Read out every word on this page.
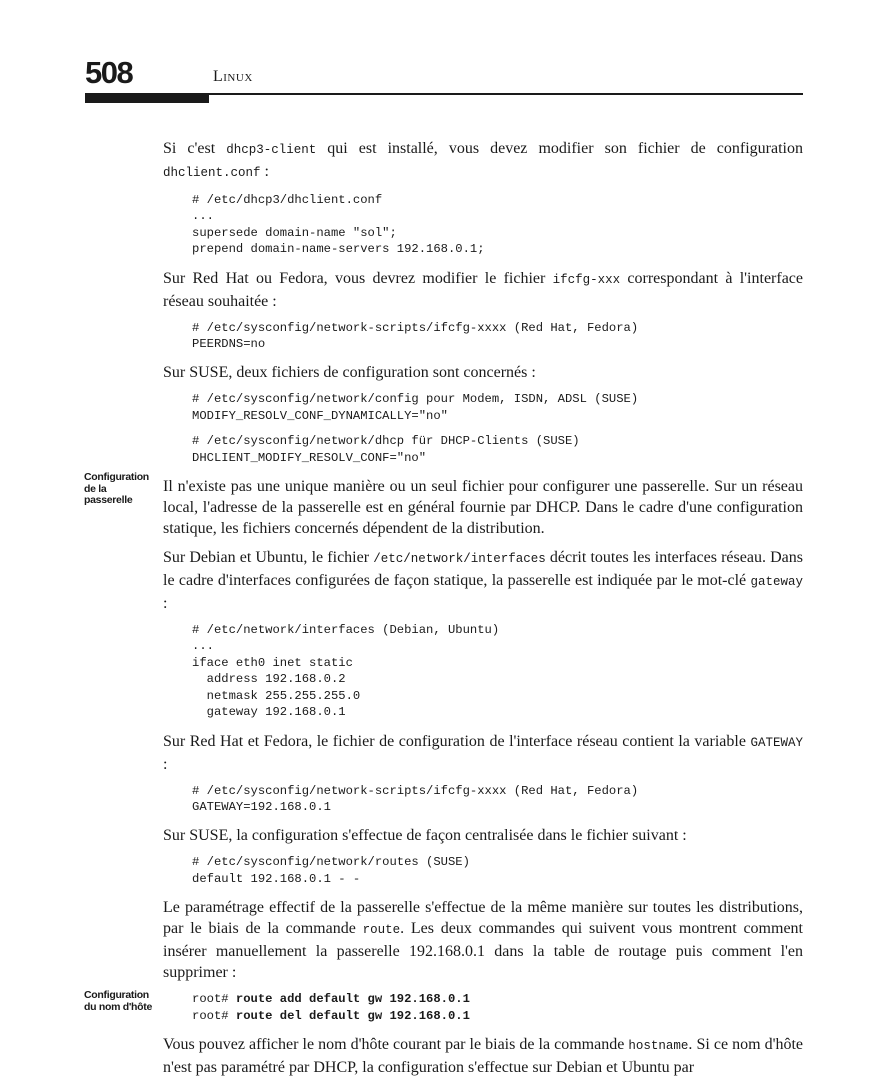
508	Linux
Configuration de la passerelle
Configuration du nom d'hôte

Si c'est dhcp3-client qui est installé, vous devez modifier son fichier de configuration dhclient.conf :

# /etc/dhcp3/dhclient.conf
...
supersede domain-name "sol";
prepend domain-name-servers 192.168.0.1;

Sur Red Hat ou Fedora, vous devrez modifier le fichier ifcfg-xxx correspondant à l'interface réseau souhaitée :

# /etc/sysconfig/network-scripts/ifcfg-xxxx (Red Hat, Fedora)
PEERDNS=no

Sur SUSE, deux fichiers de configuration sont concernés :

# /etc/sysconfig/network/config pour Modem, ISDN, ADSL (SUSE)
MODIFY_RESOLV_CONF_DYNAMICALLY="no"
# /etc/sysconfig/network/dhcp für DHCP-Clients (SUSE)
DHCLIENT_MODIFY_RESOLV_CONF="no"

Il n'existe pas une unique manière ou un seul fichier pour configurer une passerelle. Sur un réseau local, l'adresse de la passerelle est en général fournie par DHCP. Dans le cadre d'une configuration statique, les fichiers concernés dépendent de la distribution.

Sur Debian et Ubuntu, le fichier /etc/network/interfaces décrit toutes les interfaces réseau. Dans le cadre d'interfaces configurées de façon statique, la passerelle est indiquée par le mot-clé gateway :

# /etc/network/interfaces (Debian, Ubuntu)
...
iface eth0 inet static
address 192.168.0.2
netmask 255.255.255.0
gateway 192.168.0.1

Sur Red Hat et Fedora, le fichier de configuration de l'interface réseau contient la variable GATEWAY :

# /etc/sysconfig/network-scripts/ifcfg-xxxx (Red Hat, Fedora)
GATEWAY=192.168.0.1

Sur SUSE, la configuration s'effectue de façon centralisée dans le fichier suivant :

# /etc/sysconfig/network/routes (SUSE)
default 192.168.0.1 - -

Le paramétrage effectif de la passerelle s'effectue de la même manière sur toutes les distributions, par le biais de la commande route. Les deux commandes qui suivent vous montrent comment insérer manuellement la passerelle 192.168.0.1 dans la table de routage puis comment l'en supprimer :

root# route add default gw 192.168.0.1
root# route del default gw 192.168.0.1

Vous pouvez afficher le nom d'hôte courant par le biais de la commande hostname. Si ce nom d'hôte n'est pas paramétré par DHCP, la configuration s'effectue sur Debian et Ubuntu par
